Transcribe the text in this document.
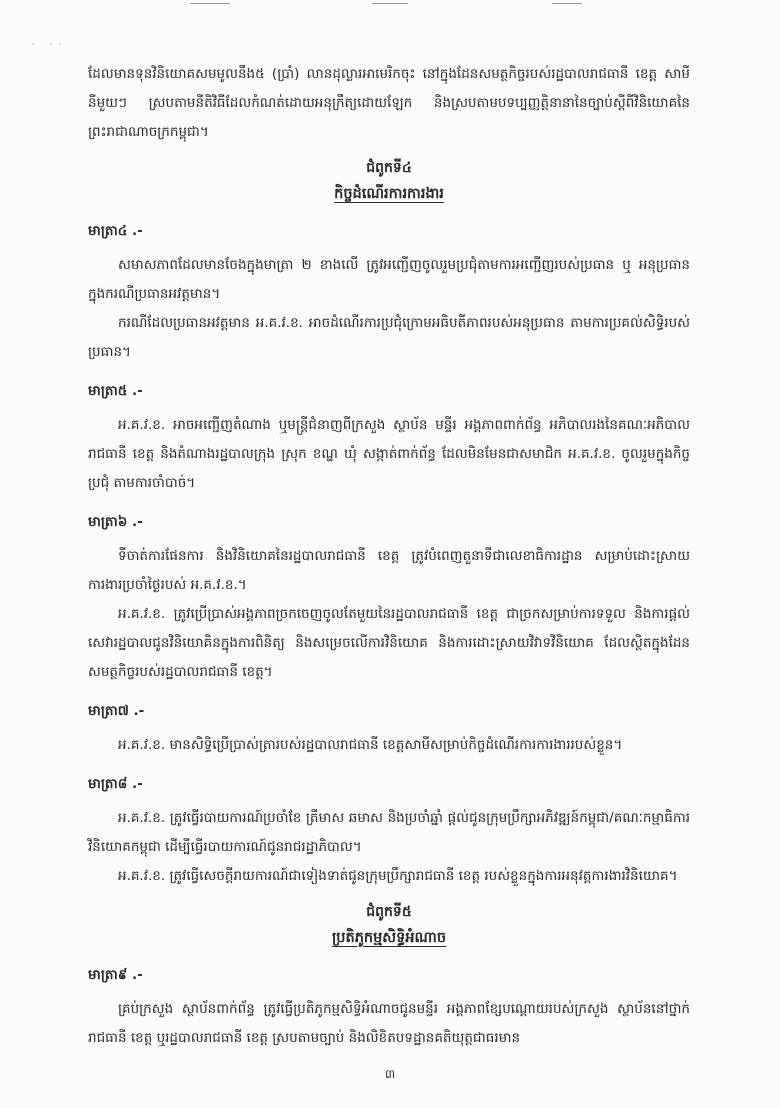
· ··

ដែលមានទុនវិនិយោគសមមូលនឹង៥ (ប្រាំ) លានដុល្លារអាមេរិកចុះ នៅក្នុងដែនសមត្ថកិច្ចរបស់រដ្ឋបាលរាជធានី ខេត្ត សាមីនីមួយៗ ស្របតាមនីតិវិធីដែលកំណត់ដោយអនុក្រឹត្យដោយឡែក និងស្របតាមបទប្បញ្ញត្តិនានានៃច្បាប់ស្តីពីវិនិយោគនៃព្រះរាជាណាចក្រកម្ពុជា។

ជំពូកទី៤

កិច្ចដំណើរការការងារ

មាត្រា៤ .-

សមាសភាពដែលមានចែងក្នុងមាត្រា ២ ខាងលើ ត្រូវអញ្ជើញចូលរួមប្រជុំតាមការអញ្ជើញរបស់ប្រធាន ឬ អនុប្រធាន ក្នុងករណីប្រធានអវត្តមាន។

ករណីដែលប្រធានអវត្តមាន អ.គ.វ.ខ. អាចដំណើរការប្រជុំក្រោមអធិបតីភាពរបស់អនុប្រធាន តាមការប្រគល់សិទ្ធិរបស់ប្រធាន។

មាត្រា៥ .-

អ.គ.វ.ខ. អាចអញ្ជើញតំណាង ឬមន្ត្រីជំនាញពីក្រសួង ស្ថាប័ន មន្ទីរ អង្គភាពពាក់ព័ន្ធ អភិបាលរងនៃគណៈអភិបាលរាជធានី ខេត្ត និងតំណាងរដ្ឋបាលក្រុង ស្រុក ខណ្ឌ ឃុំ សង្កាត់ពាក់ព័ន្ធ ដែលមិនមែនជាសមាជិក អ.គ.វ.ខ. ចូលរួមក្នុងកិច្ចប្រជុំ តាមការចាំបាច់។

មាត្រា៦ .-

ទីចាត់ការផែនការ និងវិនិយោគនៃរដ្ឋបាលរាជធានី ខេត្ត ត្រូវបំពេញតួនាទីជាលេខាធិការដ្ឋាន សម្រាប់ដោះស្រាយការងារប្រចាំថ្ងៃរបស់ អ.គ.វ.ខ.។

អ.គ.វ.ខ. ត្រូវប្រើប្រាស់អង្គភាពច្រកចេញចូលតែមួយនៃរដ្ឋបាលរាជធានី ខេត្ត ជាច្រកសម្រាប់ការទទួល និងការផ្តល់សេវារដ្ឋបាលជូនវិនិយោគិនក្នុងការពិនិត្យ និងសម្រេចលើការវិនិយោគ និងការដោះស្រាយវិវាទវិនិយោគ ដែលស្ថិតក្នុងដែនសមត្ថកិច្ចរបស់រដ្ឋបាលរាជធានី ខេត្ត។

មាត្រា៧ .-

អ.គ.វ.ខ. មានសិទ្ធិប្រើប្រាស់ត្រារបស់រដ្ឋបាលរាជធានី ខេត្តសាមីសម្រាប់កិច្ចដំណើរការការងាររបស់ខ្លួន។

មាត្រា៨ .-

អ.គ.វ.ខ. ត្រូវធ្វើរបាយការណ៍ប្រចាំខែ ត្រីមាស ឆមាស និងប្រចាំឆ្នាំ ផ្តល់ជូនក្រុមប្រឹក្សាអភិវឌ្ឍន៍កម្ពុជា/គណៈកម្មាធិការវិនិយោគកម្ពុជា ដើម្បីធ្វើរបាយការណ៍ជូនរាជរដ្ឋាភិបាល។

អ.គ.វ.ខ. ត្រូវធ្វើសេចក្តីរាយការណ៍ជាទៀងទាត់ជូនក្រុមប្រឹក្សារាជធានី ខេត្ត របស់ខ្លួនក្នុងការអនុវត្តការងារវិនិយោគ។

ជំពូកទី៥

ប្រតិភូកម្មសិទ្ធិអំណាច

មាត្រា៩ .-

គ្រប់ក្រសួង ស្ថាប័នពាក់ព័ន្ធ ត្រូវធ្វើប្រតិភូកម្មសិទ្ធិអំណាចជូនមន្ទីរ អង្គភាពខ្សែបណ្តោយរបស់ក្រសួង ស្ថាប័ននៅថ្នាក់រាជធានី ខេត្ត ឬរដ្ឋបាលរាជធានី ខេត្ត ស្របតាមច្បាប់ និងលិខិតបទដ្ឋានគតិយុត្តជាធរមាន

៣
